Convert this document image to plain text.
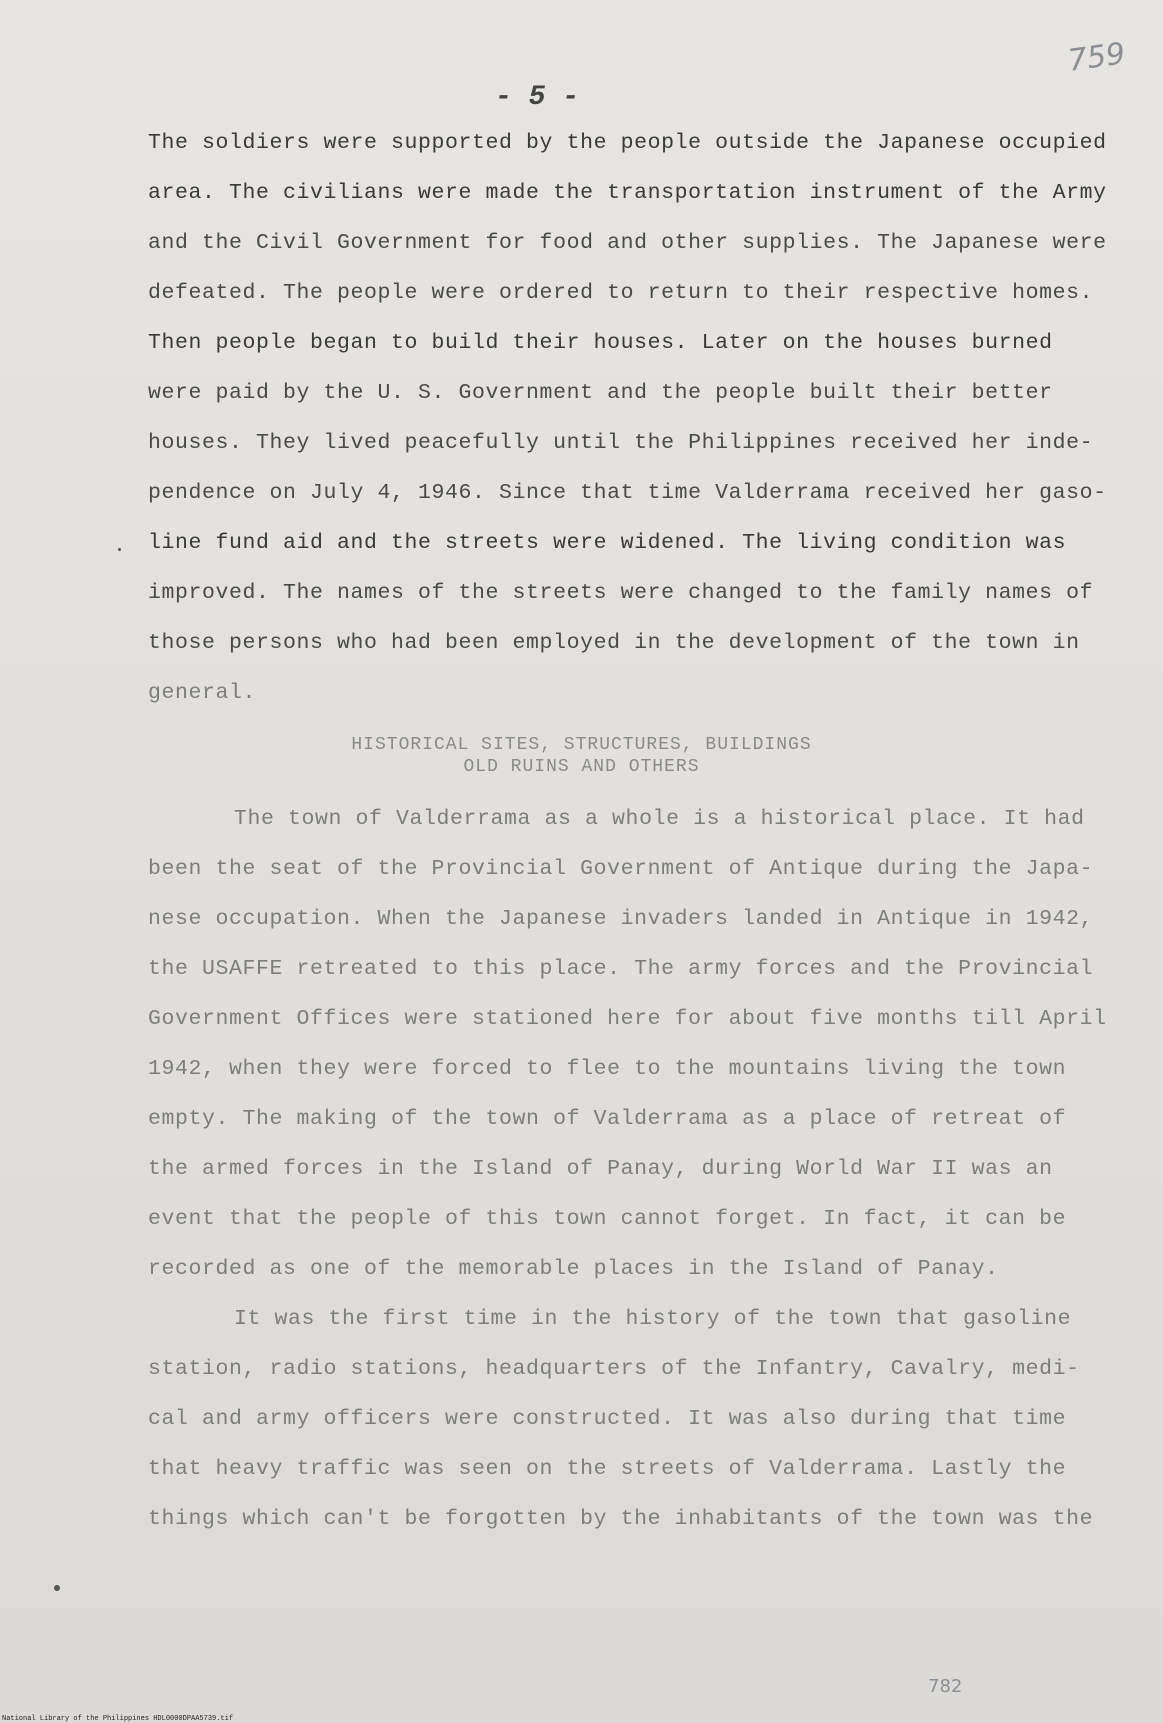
759
- 5 -
The soldiers were supported by the people outside the Japanese occupied
area. The civilians were made the transportation instrument of the Army
and the Civil Government for food and other supplies. The Japanese were
defeated. The people were ordered to return to their respective homes.
Then people began to build their houses. Later on the houses burned
were paid by the U. S. Government and the people built their better
houses. They lived peacefully until the Philippines received her inde-
pendence on July 4, 1946. Since that time Valderrama received her gaso-
line fund aid and the streets were widened. The living condition was
improved. The names of the streets were changed to the family names of
those persons who had been employed in the development of the town in
general.
HISTORICAL SITES, STRUCTURES, BUILDINGS
OLD RUINS AND OTHERS
The town of Valderrama as a whole is a historical place. It had
been the seat of the Provincial Government of Antique during the Japa-
nese occupation. When the Japanese invaders landed in Antique in 1942,
the USAFFE retreated to this place. The army forces and the Provincial
Government Offices were stationed here for about five months till April
1942, when they were forced to flee to the mountains living the town
empty. The making of the town of Valderrama as a place of retreat of
the armed forces in the Island of Panay, during World War II was an
event that the people of this town cannot forget. In fact, it can be
recorded as one of the memorable places in the Island of Panay.
It was the first time in the history of the town that gasoline
station, radio stations, headquarters of the Infantry, Cavalry, medi-
cal and army officers were constructed. It was also during that time
that heavy traffic was seen on the streets of Valderrama. Lastly the
things which can't be forgotten by the inhabitants of the town was the
782
National Library of the Philippines HDL0000DPAA5739.tif
